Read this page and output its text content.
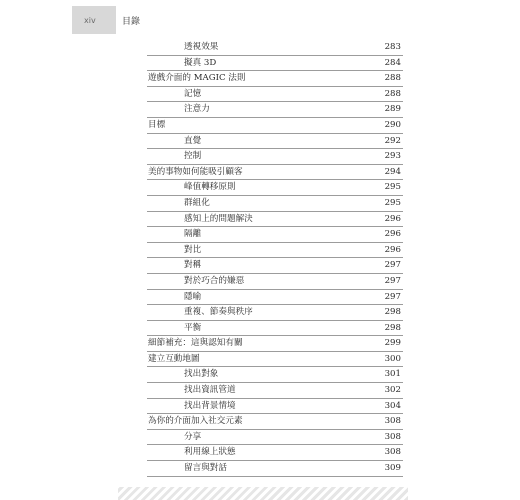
xiv	目錄
透視效果	283
擬真 3D	284
遊戲介面的 MAGIC 法則	288
記憶	288
注意力	289
目標	290
直覺	292
控制	293
美的事物如何能吸引顧客	294
峰值轉移原則	295
群組化	295
感知上的問題解決	296
隔離	296
對比	296
對稱	297
對於巧合的嫌惡	297
隱喻	297
重複、節奏與秩序	298
平衡	298
細節補充：這與認知有關	299
建立互動地圖	300
找出對象	301
找出資訊管道	302
找出背景情境	304
為你的介面加入社交元素	308
分享	308
利用線上狀態	308
留言與對話	309
